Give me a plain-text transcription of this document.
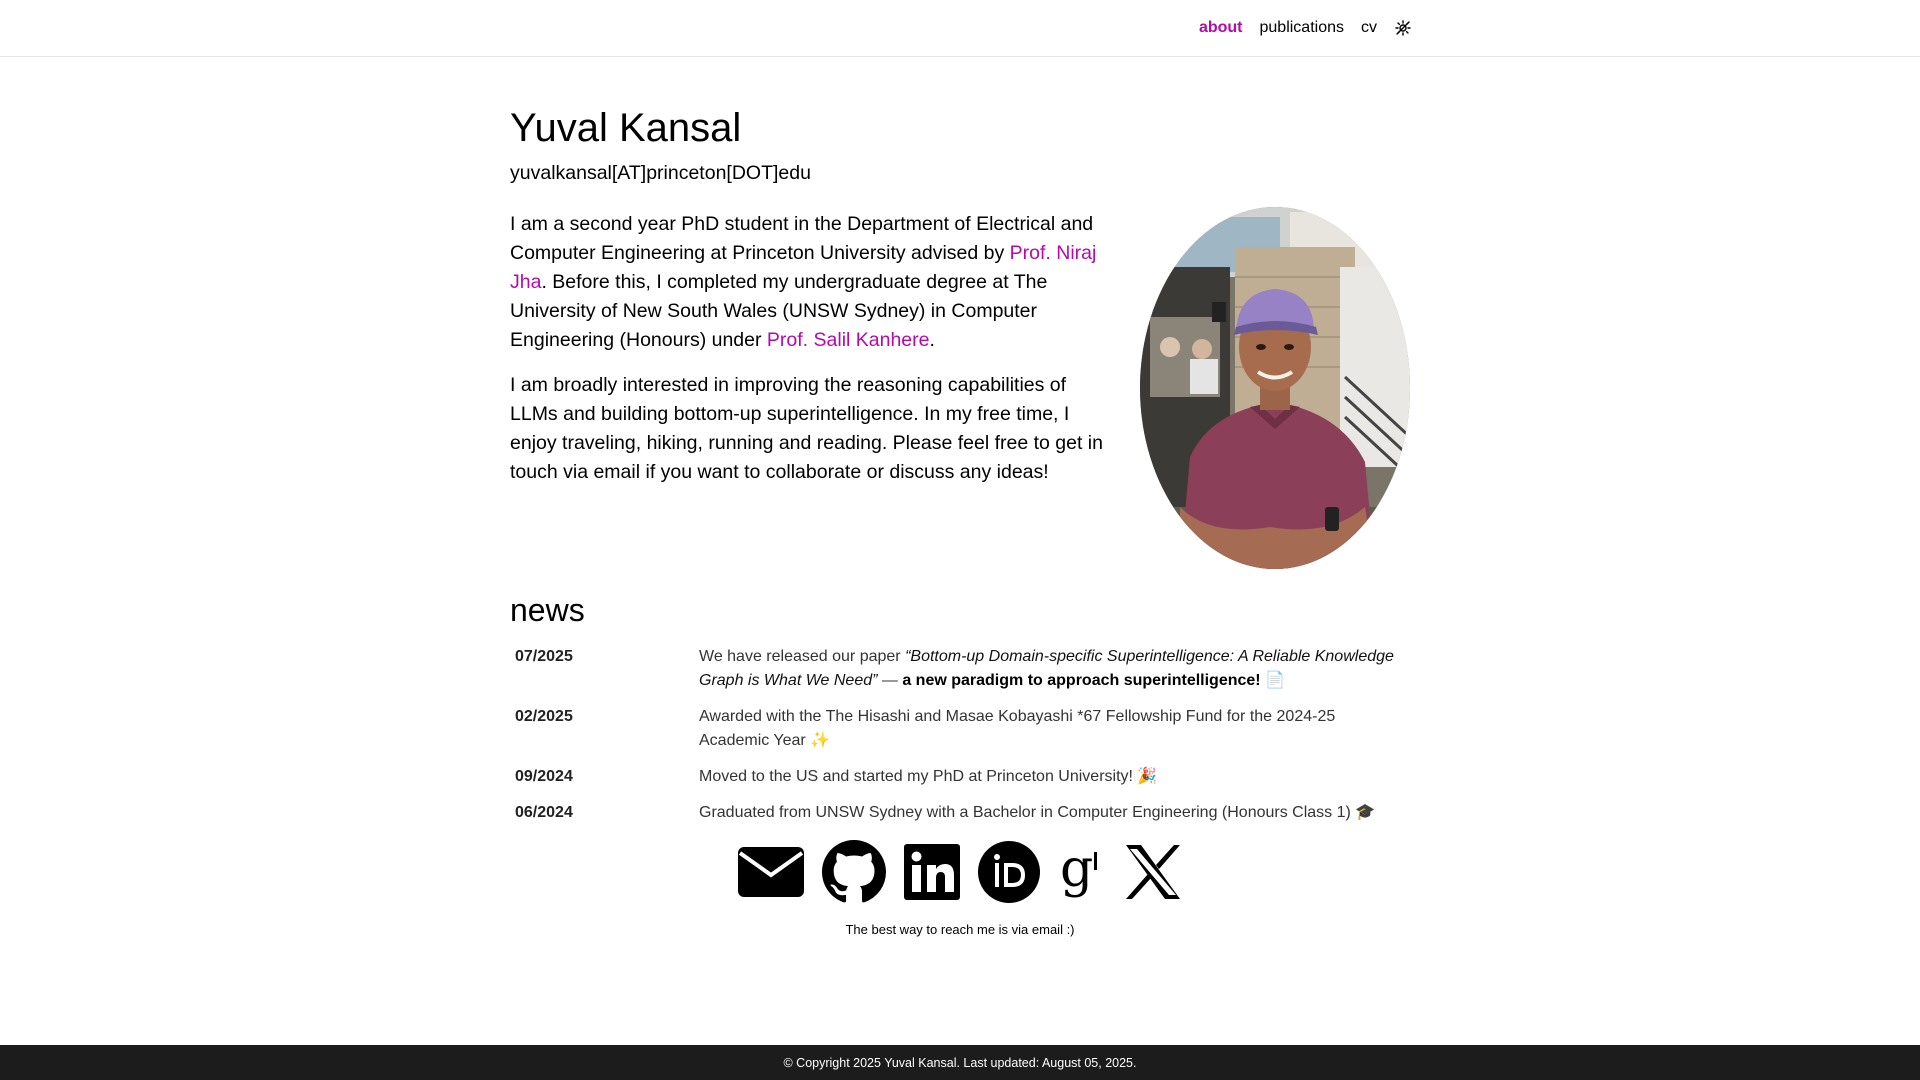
about publications cv
Yuval Kansal
yuvalkansal[AT]princeton[DOT]edu

I am a second year PhD student in the Department of Electrical and Computer Engineering at Princeton University advised by Prof. Niraj Jha. Before this, I completed my undergraduate degree at The University of New South Wales (UNSW Sydney) in Computer Engineering (Honours) under Prof. Salil Kanhere.

I am broadly interested in improving the reasoning capabilities of LLMs and building bottom-up superintelligence. In my free time, I enjoy traveling, hiking, running and reading. Please feel free to get in touch via email if you want to collaborate or discuss any ideas!

news
07/2025	We have released our paper “Bottom-up Domain-specific Superintelligence: A Reliable Knowledge Graph is What We Need” — a new paradigm to approach superintelligence! 📄
02/2025	Awarded with the The Hisashi and Masae Kobayashi *67 Fellowship Fund for the 2024-25 Academic Year ✨
09/2024	Moved to the US and started my PhD at Princeton University! 🎉
06/2024	Graduated from UNSW Sydney with a Bachelor in Computer Engineering (Honours Class 1) 🎓
g
The best way to reach me is via email :)
© Copyright 2025 Yuval Kansal. Last updated: August 05, 2025.
